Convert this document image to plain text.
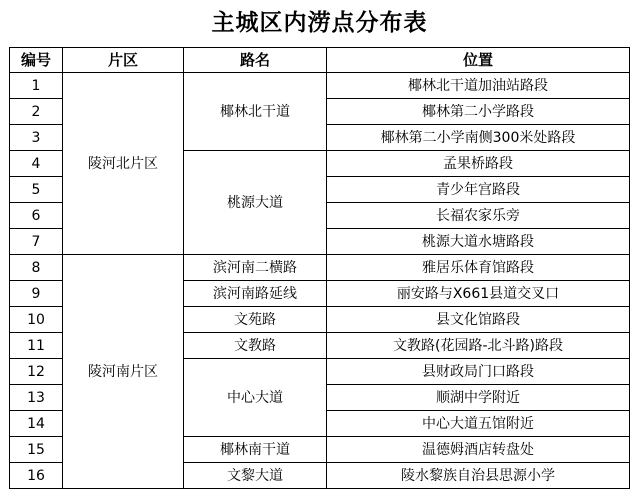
主城区内涝点分布表
编号	片区	路名	位置
1	陵河北片区	椰林北干道	椰林北干道加油站路段
2			椰林第二小学路段
3			椰林第二小学南侧300米处路段
4		桃源大道	孟果桥路段
5			青少年宫路段
6			长福农家乐旁
7			桃源大道水塘路段
8	陵河南片区	滨河南二横路	雅居乐体育馆路段
9		滨河南路延线	丽安路与X661县道交叉口
10		文苑路	县文化馆路段
11		文教路	文教路(花园路-北斗路)路段
12		中心大道	县财政局门口路段
13			顺湖中学附近
14			中心大道五馆附近
15		椰林南干道	温德姆酒店转盘处
16		文黎大道	陵水黎族自治县思源小学
